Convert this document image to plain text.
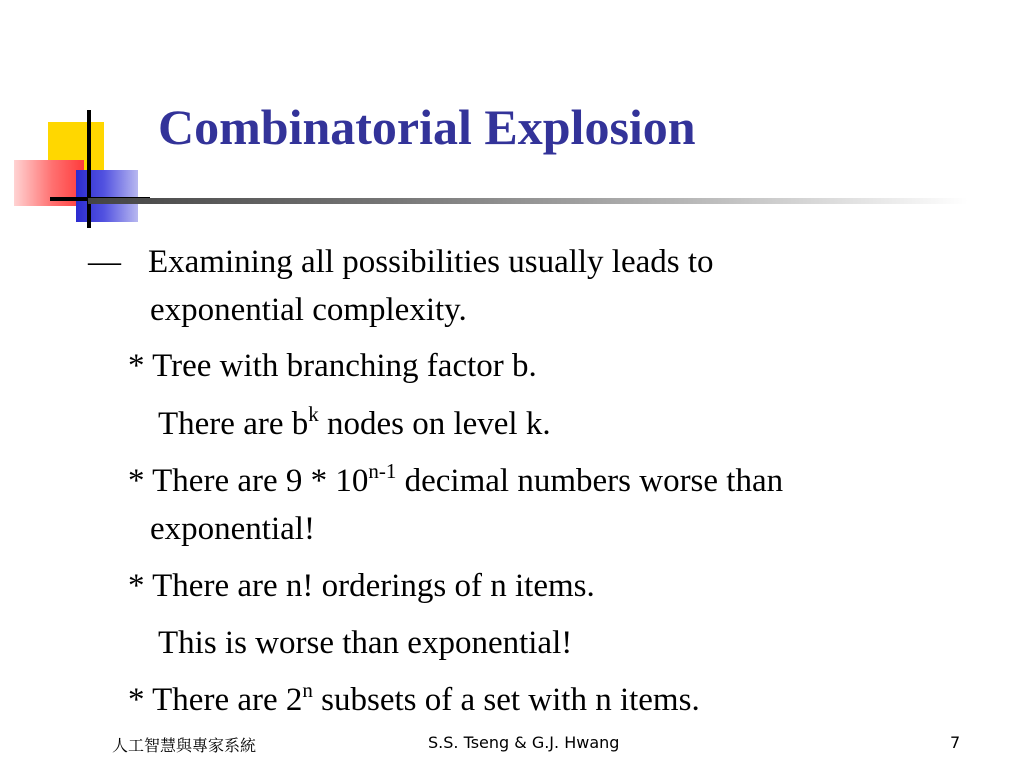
Combinatorial Explosion
— Examining all possibilities usually leads to
exponential complexity.
* Tree with branching factor b.
There are $b^k$ nodes on level k.
* There are 9 * 10$^{n-1}$ decimal numbers worse than
exponential!
* There are n! orderings of n items.
This is worse than exponential!
* There are 2$^n$ subsets of a set with n items.
人工智慧與專家系統	S.S. Tseng & G.J. Hwang	7
